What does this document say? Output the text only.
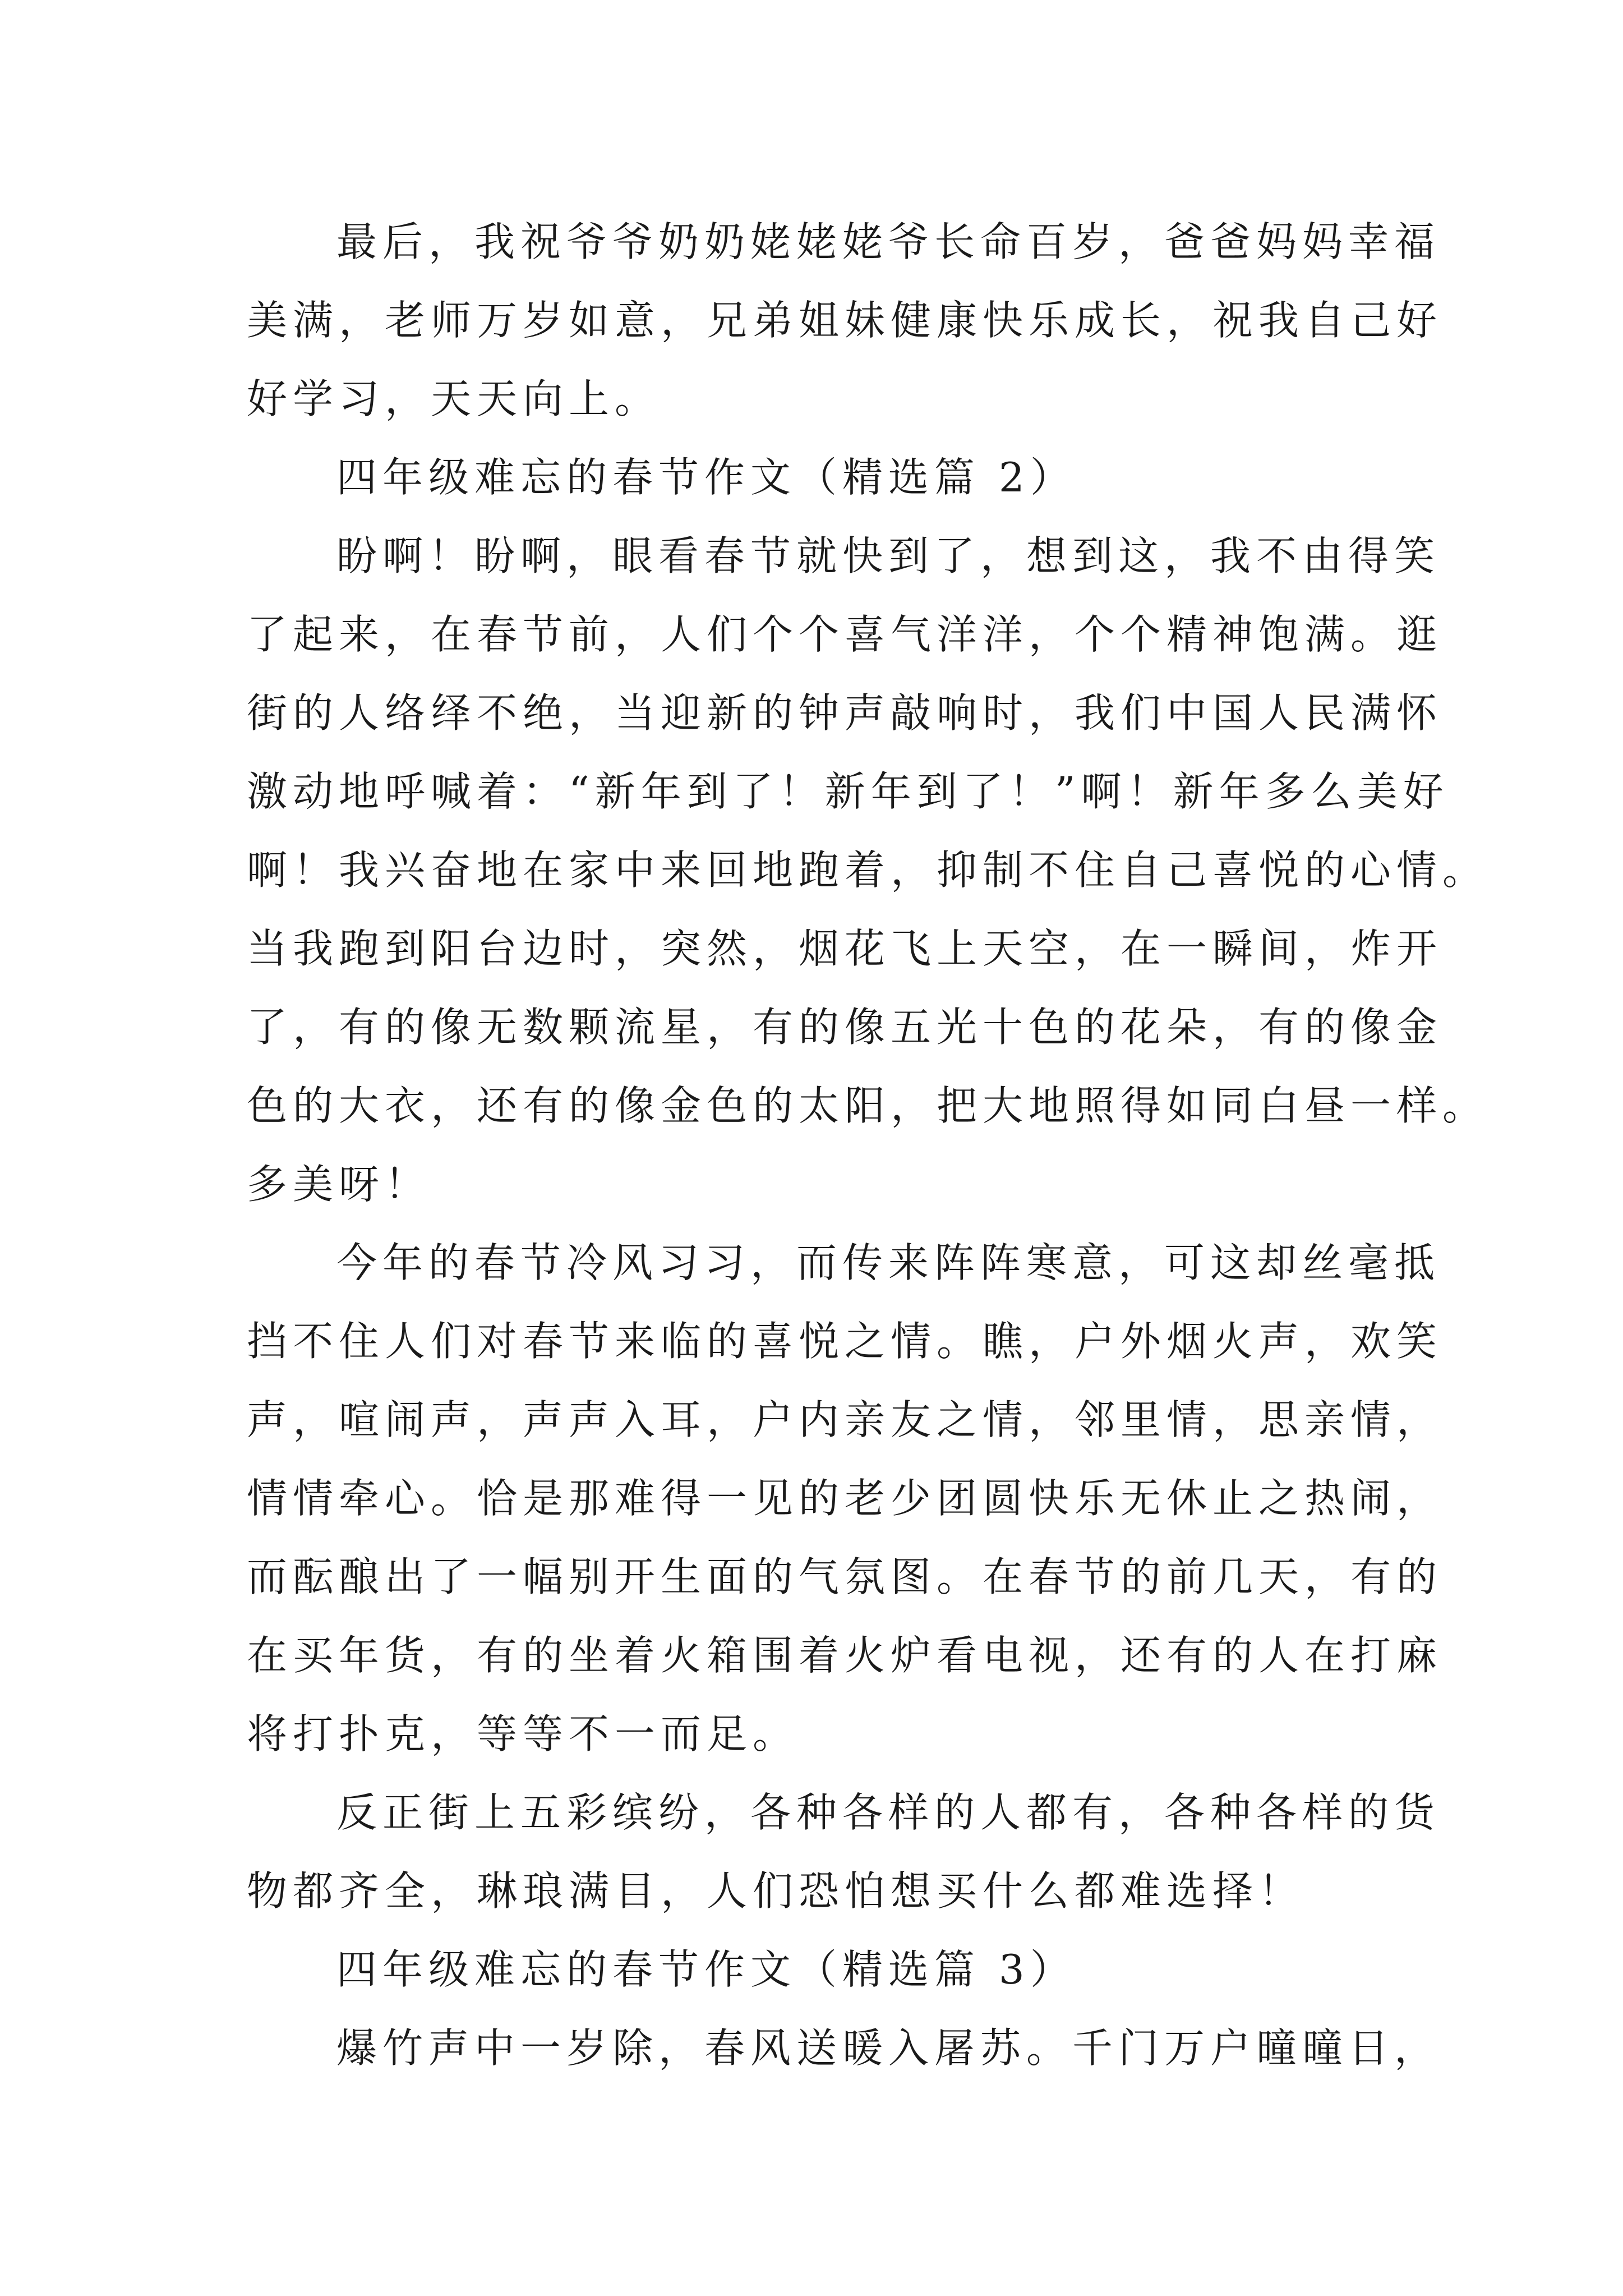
最后，我祝爷爷奶奶姥姥姥爷长命百岁，爸爸妈妈幸福
美满，老师万岁如意，兄弟姐妹健康快乐成长，祝我自己好
好学习，天天向上。
四年级难忘的春节作文（精选篇 2）
盼啊！盼啊，眼看春节就快到了，想到这，我不由得笑
了起来，在春节前，人们个个喜气洋洋，个个精神饱满。逛
街的人络绎不绝，当迎新的钟声敲响时，我们中国人民满怀
激动地呼喊着：“新年到了！新年到了！”啊！新年多么美好
啊！我兴奋地在家中来回地跑着，抑制不住自己喜悦的心情。
当我跑到阳台边时，突然，烟花飞上天空，在一瞬间，炸开
了，有的像无数颗流星，有的像五光十色的花朵，有的像金
色的大衣，还有的像金色的太阳，把大地照得如同白昼一样。
多美呀！
今年的春节冷风习习，而传来阵阵寒意，可这却丝毫抵
挡不住人们对春节来临的喜悦之情。瞧，户外烟火声，欢笑
声，喧闹声，声声入耳，户内亲友之情，邻里情，思亲情，
情情牵心。恰是那难得一见的老少团圆快乐无休止之热闹，
而酝酿出了一幅别开生面的气氛图。在春节的前几天，有的
在买年货，有的坐着火箱围着火炉看电视，还有的人在打麻
将打扑克，等等不一而足。
反正街上五彩缤纷，各种各样的人都有，各种各样的货
物都齐全，琳琅满目，人们恐怕想买什么都难选择！
四年级难忘的春节作文（精选篇 3）
爆竹声中一岁除，春风送暖入屠苏。千门万户曈曈日，
